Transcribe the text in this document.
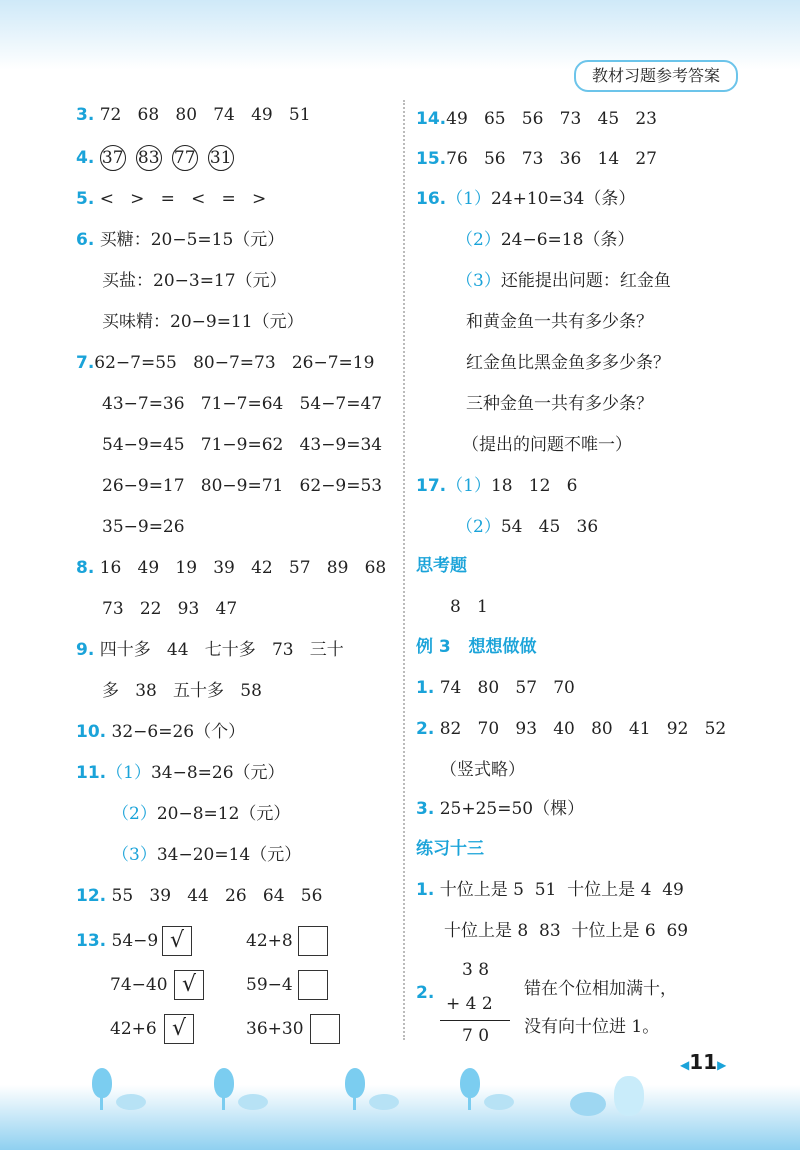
教材习题参考答案
3. 72   68   80   74   49   51
4. 37 83 77 31
5. <   >   =   <   =   >
6. 买糖：20−5=15（元）
买盐：20−3=17（元）
买味精：20−9=11（元）
7.62−7=55   80−7=73   26−7=19
43−7=36   71−7=64   54−7=47
54−9=45   71−9=62   43−9=34
26−9=17   80−9=71   62−9=53
35−9=26
8. 16   49   19   39   42   57   89   68
73   22   93   47
9. 四十多   44   七十多   73   三十
多   38   五十多   58
10. 32−6=26（个）
11.（1）34−8=26（元）
（2）20−8=12（元）
（3）34−20=14（元）
12. 55   39   44   26   64   56
13. 54−9 √	42+8
74−40 √	59−4
42+6 √	36+30
14.49   65   56   73   45   23
15.76   56   73   36   14   27
16.（1）24+10=34（条）
（2）24−6=18（条）
（3）还能提出问题：红金鱼
和黄金鱼一共有多少条？
红金鱼比黑金鱼多多少条？
三种金鱼一共有多少条？
（提出的问题不唯一）
17.（1）18   12   6
（2）54   45   36
思考题
8   1
例 3   想想做做
1. 74   80   57   70
2. 82   70   93   40   80   41   92   52
（竖式略）
3. 25+25=50（棵）
练习十三
1. 十位上是 5  51  十位上是 4  49
十位上是 8  83  十位上是 6  69
2.
3 8
+ 4 2
7 0
错在个位相加满十，
没有向十位进 1。
◀11▶
